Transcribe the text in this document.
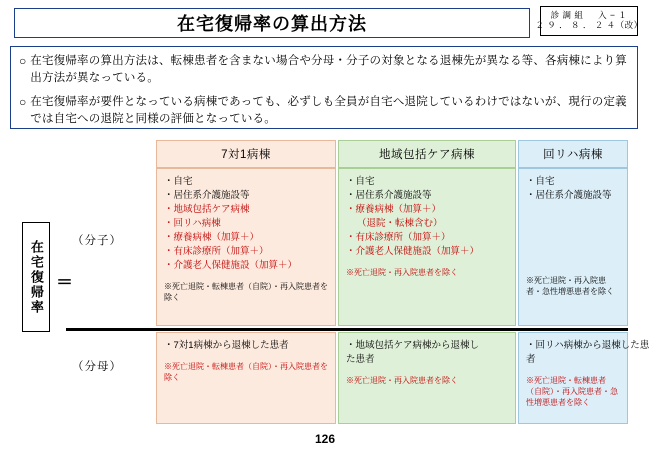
在宅復帰率の算出方法	診 調 組 　 入 − １
２ ９ ． ８ ． ２ ４（改）
○ 在宅復帰率の算出方法は、転棟患者を含まない場合や分母・分子の対象となる退棟先が異なる等、各病棟により算出方法が異なっている。
○ 在宅復帰率が要件となっている病棟であっても、必ずしも全員が自宅へ退院しているわけではないが、現行の定義では自宅への退院と同様の評価となっている。
在宅復帰率 ＝
（分子）
（分母）
7対1病棟
・自宅
・居住系介護施設等
・地域包括ケア病棟
・回リハ病棟
・療養病棟（加算＋）
・有床診療所（加算＋）
・介護老人保健施設（加算＋）
※死亡退院・転棟患者（自院）・再入院患者を除く
・7対1病棟から退棟した患者
※死亡退院・転棟患者（自院）・再入院患者を除く
地域包括ケア病棟
・自宅
・居住系介護施設等
・療養病棟（加算＋）
（退院・転棟含む）
・有床診療所（加算＋）
・介護老人保健施設（加算＋）
※死亡退院・再入院患者を除く
・地域包括ケア病棟から退棟し
た患者
※死亡退院・再入院患者を除く
回リハ病棟
・自宅
・居住系介護施設等
※死亡退院・再入院患者・急性増悪患者を除く
・回リハ病棟から退棟した患
者
※死亡退院・転棟患者（自院）・再入院患者・急性増悪患者を除く
126
